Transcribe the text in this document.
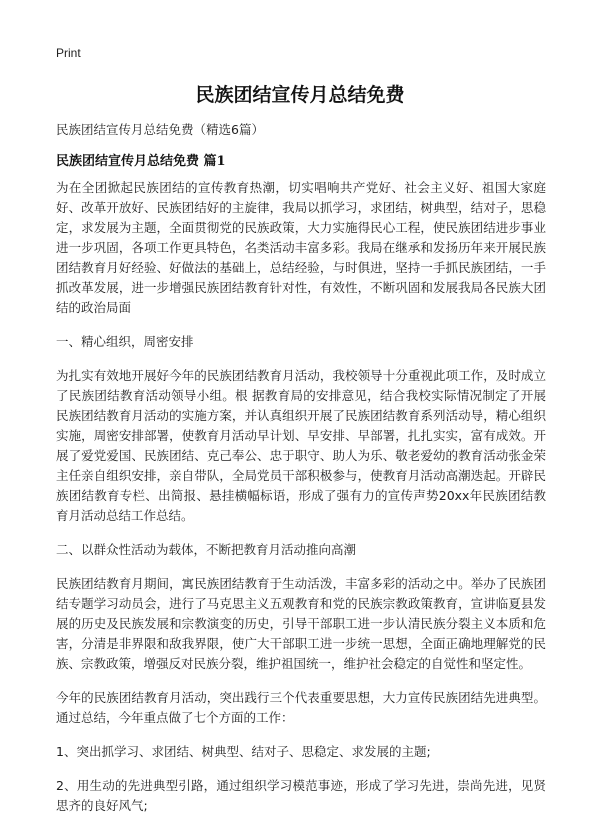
Print
民族团结宣传月总结免费

民族团结宣传月总结免费（精选6篇）

民族团结宣传月总结免费 篇1

为在全团掀起民族团结的宣传教育热潮，切实唱响共产党好、社会主义好、祖国大家庭好、改革开放好、民族团结好的主旋律，我局以抓学习，求团结，树典型，结对子，思稳定，求发展为主题，全面贯彻党的民族政策，大力实施得民心工程，使民族团结进步事业进一步巩固，各项工作更具特色，名类活动丰富多彩。我局在继承和发扬历年来开展民族团结教育月好经验、好做法的基础上，总结经验，与时俱进，坚持一手抓民族团结，一手抓改革发展，进一步增强民族团结教育针对性，有效性，不断巩固和发展我局各民族大团结的政治局面

一、精心组织，周密安排

为扎实有效地开展好今年的民族团结教育月活动，我校领导十分重视此项工作，及时成立了民族团结教育活动领导小组。根 据教育局的安排意见，结合我校实际情况制定了开展民族团结教育月活动的实施方案，并认真组织开展了民族团结教育系列活动导，精心组织实施，周密安排部署，使教育月活动早计划、早安排、早部署，扎扎实实，富有成效。开展了爱党爱国、民族团结、克己奉公、忠于职守、助人为乐、敬老爱幼的教育活动张金荣主任亲自组织安排，亲自带队，全局党员干部积极参与，使教育月活动高潮迭起。开辟民族团结教育专栏、出简报、悬挂横幅标语，形成了强有力的宣传声势20xx年民族团结教育月活动总结工作总结。

二、以群众性活动为载体，不断把教育月活动推向高潮

民族团结教育月期间，寓民族团结教育于生动活泼，丰富多彩的活动之中。举办了民族团结专题学习动员会，进行了马克思主义五观教育和党的民族宗教政策教育，宣讲临夏县发展的历史及民族发展和宗教演变的历史，引导干部职工进一步认清民族分裂主义本质和危害，分清是非界限和敌我界限，使广大干部职工进一步统一思想，全面正确地理解党的民族、宗教政策，增强反对民族分裂，维护祖国统一，维护社会稳定的自觉性和坚定性。

今年的民族团结教育月活动，突出践行三个代表重要思想，大力宣传民族团结先进典型。通过总结，今年重点做了七个方面的工作：

1、突出抓学习、求团结、树典型、结对子、思稳定、求发展的主题;

2、用生动的先进典型引路，通过组织学习模范事迹，形成了学习先进，崇尚先进，见贤思齐的良好风气;
